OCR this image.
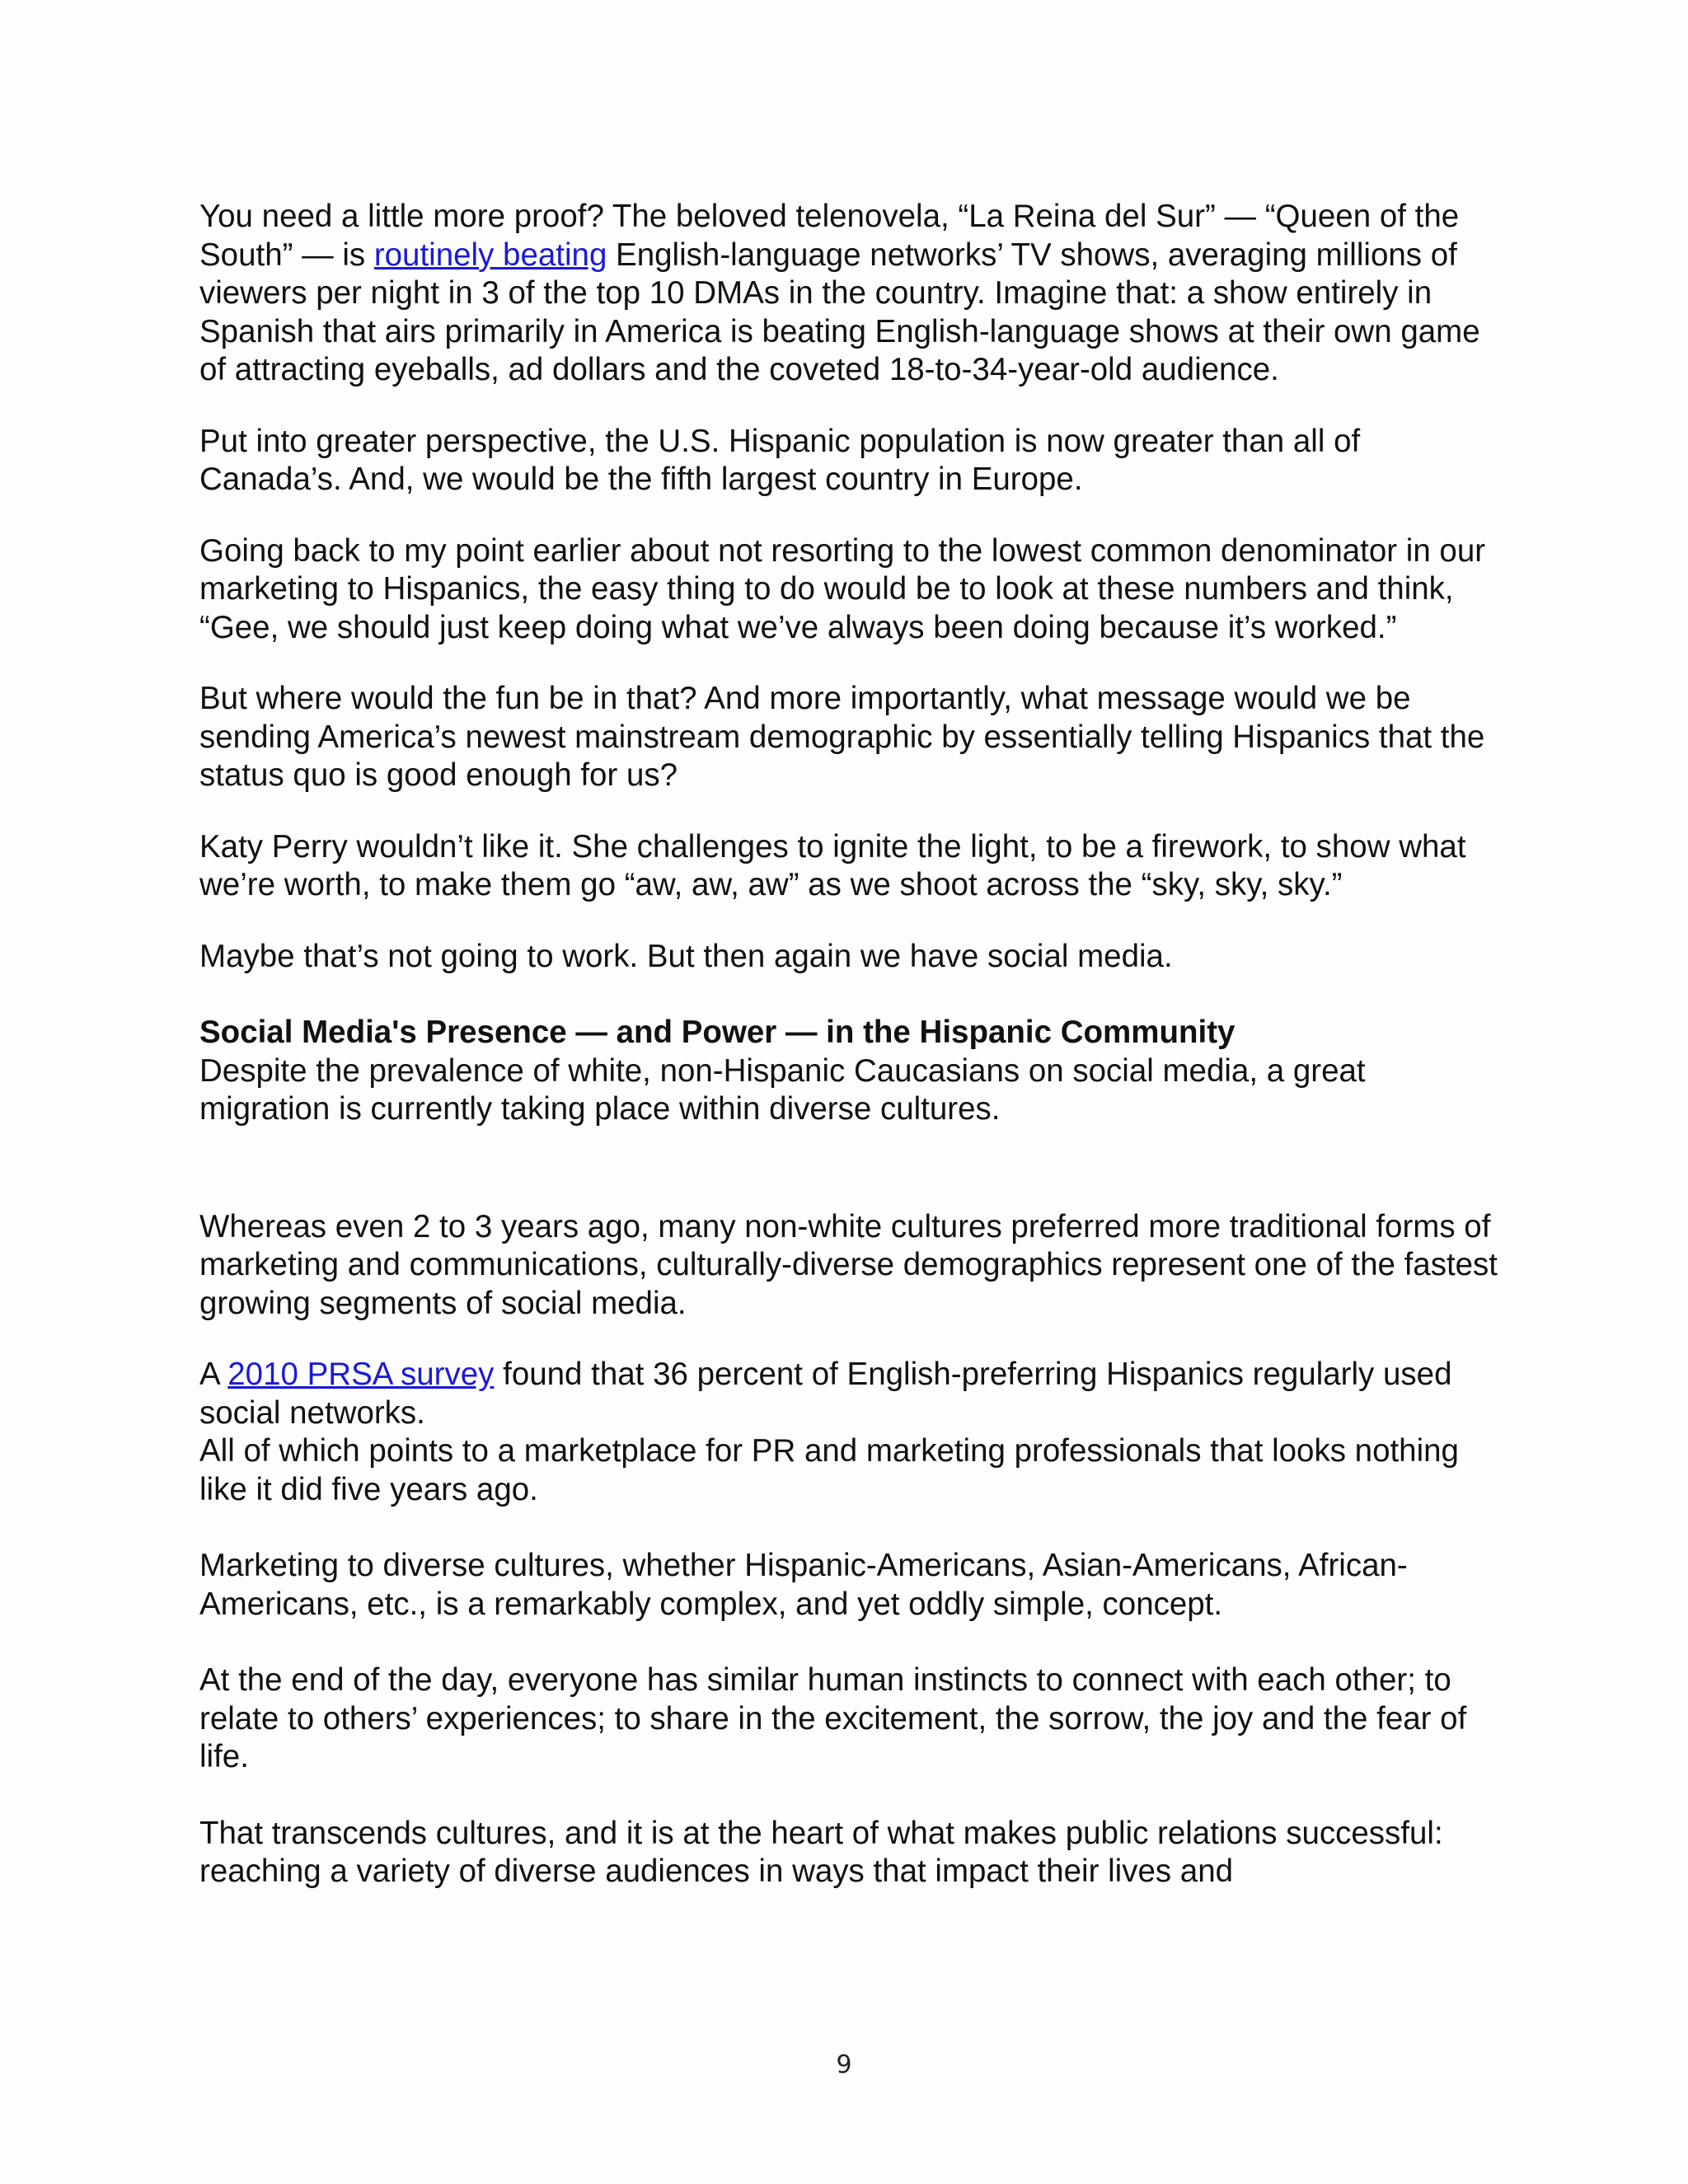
You need a little more proof? The beloved telenovela, “La Reina del Sur” — “Queen of the South” — is routinely beating English-language networks’ TV shows, averaging millions of viewers per night in 3 of the top 10 DMAs in the country. Imagine that: a show entirely in Spanish that airs primarily in America is beating English-language shows at their own game of attracting eyeballs, ad dollars and the coveted 18-to-34-year-old audience.

Put into greater perspective, the U.S. Hispanic population is now greater than all of Canada’s. And, we would be the fifth largest country in Europe.

Going back to my point earlier about not resorting to the lowest common denominator in our marketing to Hispanics, the easy thing to do would be to look at these numbers and think, “Gee, we should just keep doing what we’ve always been doing because it’s worked.”

But where would the fun be in that? And more importantly, what message would we be sending America’s newest mainstream demographic by essentially telling Hispanics that the status quo is good enough for us?

Katy Perry wouldn’t like it. She challenges to ignite the light, to be a firework, to show what we’re worth, to make them go “aw, aw, aw” as we shoot across the “sky, sky, sky.”

Maybe that’s not going to work. But then again we have social media.

Social Media's Presence — and Power — in the Hispanic Community

Despite the prevalence of white, non-Hispanic Caucasians on social media, a great migration is currently taking place within diverse cultures.

Whereas even 2 to 3 years ago, many non-white cultures preferred more traditional forms of marketing and communications, culturally-diverse demographics represent one of the fastest growing segments of social media.

A 2010 PRSA survey found that 36 percent of English-preferring Hispanics regularly used social networks.

All of which points to a marketplace for PR and marketing professionals that looks nothing like it did five years ago.

Marketing to diverse cultures, whether Hispanic-Americans, Asian-Americans, African-Americans, etc., is a remarkably complex, and yet oddly simple, concept.

At the end of the day, everyone has similar human instincts to connect with each other; to relate to others’ experiences; to share in the excitement, the sorrow, the joy and the fear of life.

That transcends cultures, and it is at the heart of what makes public relations successful: reaching a variety of diverse audiences in ways that impact their lives and

9
